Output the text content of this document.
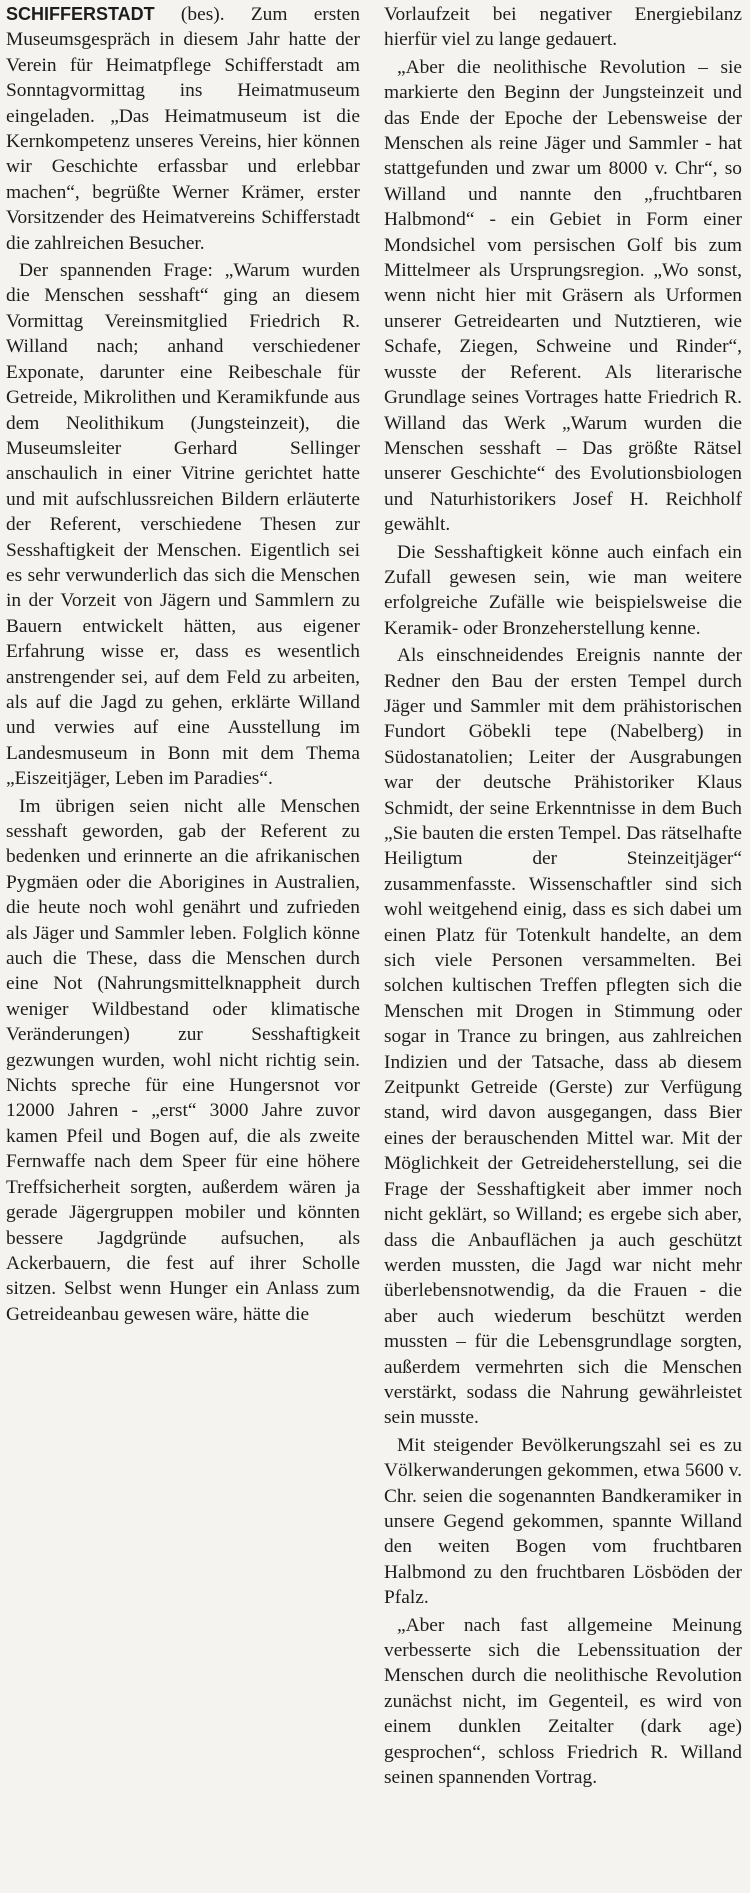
SCHIFFERSTADT (bes). Zum ersten Museumsgespräch in diesem Jahr hatte der Verein für Heimatpflege Schifferstadt am Sonntagvormittag ins Heimatmuseum eingeladen. „Das Heimatmuseum ist die Kernkompetenz unseres Vereins, hier können wir Geschichte erfassbar und erlebbar machen“, begrüßte Werner Krämer, erster Vorsitzender des Heimatvereins Schifferstadt die zahlreichen Besucher.

Der spannenden Frage: „Warum wurden die Menschen sesshaft“ ging an diesem Vormittag Vereinsmitglied Friedrich R. Willand nach; anhand verschiedener Exponate, darunter eine Reibeschale für Getreide, Mikrolithen und Keramikfunde aus dem Neolithikum (Jungsteinzeit), die Museumsleiter Gerhard Sellinger anschaulich in einer Vitrine gerichtet hatte und mit aufschlussreichen Bildern erläuterte der Referent, verschiedene Thesen zur Sesshaftigkeit der Menschen. Eigentlich sei es sehr verwunderlich das sich die Menschen in der Vorzeit von Jägern und Sammlern zu Bauern entwickelt hätten, aus eigener Erfahrung wisse er, dass es wesentlich anstrengender sei, auf dem Feld zu arbeiten, als auf die Jagd zu gehen, erklärte Willand und verwies auf eine Ausstellung im Landesmuseum in Bonn mit dem Thema „Eiszeitjäger, Leben im Paradies“.

Im übrigen seien nicht alle Menschen sesshaft geworden, gab der Referent zu bedenken und erinnerte an die afrikanischen Pygmäen oder die Aborigines in Australien, die heute noch wohl genährt und zufrieden als Jäger und Sammler leben. Folglich könne auch die These, dass die Menschen durch eine Not (Nahrungsmittelknappheit durch weniger Wildbestand oder klimatische Veränderungen) zur Sesshaftigkeit gezwungen wurden, wohl nicht richtig sein. Nichts spreche für eine Hungersnot vor 12000 Jahren - „erst“ 3000 Jahre zuvor kamen Pfeil und Bogen auf, die als zweite Fernwaffe nach dem Speer für eine höhere Treffsicherheit sorgten, außerdem wären ja gerade Jägergruppen mobiler und könnten bessere Jagdgründe aufsuchen, als Ackerbauern, die fest auf ihrer Scholle sitzen. Selbst wenn Hunger ein Anlass zum Getreideanbau gewesen wäre, hätte die

Vorlaufzeit bei negativer Energiebilanz hierfür viel zu lange gedauert.

„Aber die neolithische Revolution – sie markierte den Beginn der Jungsteinzeit und das Ende der Epoche der Lebensweise der Menschen als reine Jäger und Sammler - hat stattgefunden und zwar um 8000 v. Chr“, so Willand und nannte den „fruchtbaren Halbmond“ - ein Gebiet in Form einer Mondsichel vom persischen Golf bis zum Mittelmeer als Ursprungsregion. „Wo sonst, wenn nicht hier mit Gräsern als Urformen unserer Getreidearten und Nutztieren, wie Schafe, Ziegen, Schweine und Rinder“, wusste der Referent. Als literarische Grundlage seines Vortrages hatte Friedrich R. Willand das Werk „Warum wurden die Menschen sesshaft – Das größte Rätsel unserer Geschichte“ des Evolutionsbiologen und Naturhistorikers Josef H. Reichholf gewählt.

Die Sesshaftigkeit könne auch einfach ein Zufall gewesen sein, wie man weitere erfolgreiche Zufälle wie beispielsweise die Keramik- oder Bronzeherstellung kenne.

Als einschneidendes Ereignis nannte der Redner den Bau der ersten Tempel durch Jäger und Sammler mit dem prähistorischen Fundort Göbekli tepe (Nabelberg) in Südostanatolien; Leiter der Ausgrabungen war der deutsche Prähistoriker Klaus Schmidt, der seine Erkenntnisse in dem Buch „Sie bauten die ersten Tempel. Das rätselhafte Heiligtum der Steinzeitjäger“ zusammenfasste. Wissenschaftler sind sich wohl weitgehend einig, dass es sich dabei um einen Platz für Totenkult handelte, an dem sich viele Personen versammelten. Bei solchen kultischen Treffen pflegten sich die Menschen mit Drogen in Stimmung oder sogar in Trance zu bringen, aus zahlreichen Indizien und der Tatsache, dass ab diesem Zeitpunkt Getreide (Gerste) zur Verfügung stand, wird davon ausgegangen, dass Bier eines der berauschenden Mittel war. Mit der Möglichkeit der Getreideherstellung, sei die Frage der Sesshaftigkeit aber immer noch nicht geklärt, so Willand; es ergebe sich aber, dass die Anbauflächen ja auch geschützt werden mussten, die Jagd war nicht mehr überlebensnotwendig, da die Frauen - die aber auch wiederum beschützt werden mussten – für die Lebensgrundlage sorgten, außerdem vermehrten sich die Menschen verstärkt, sodass die Nahrung gewährleistet sein musste.

Mit steigender Bevölkerungszahl sei es zu Völkerwanderungen gekommen, etwa 5600 v. Chr. seien die sogenannten Bandkeramiker in unsere Gegend gekommen, spannte Willand den weiten Bogen vom fruchtbaren Halbmond zu den fruchtbaren Lösböden der Pfalz.

„Aber nach fast allgemeine Meinung verbesserte sich die Lebenssituation der Menschen durch die neolithische Revolution zunächst nicht, im Gegenteil, es wird von einem dunklen Zeitalter (dark age) gesprochen“, schloss Friedrich R. Willand seinen spannenden Vortrag.
